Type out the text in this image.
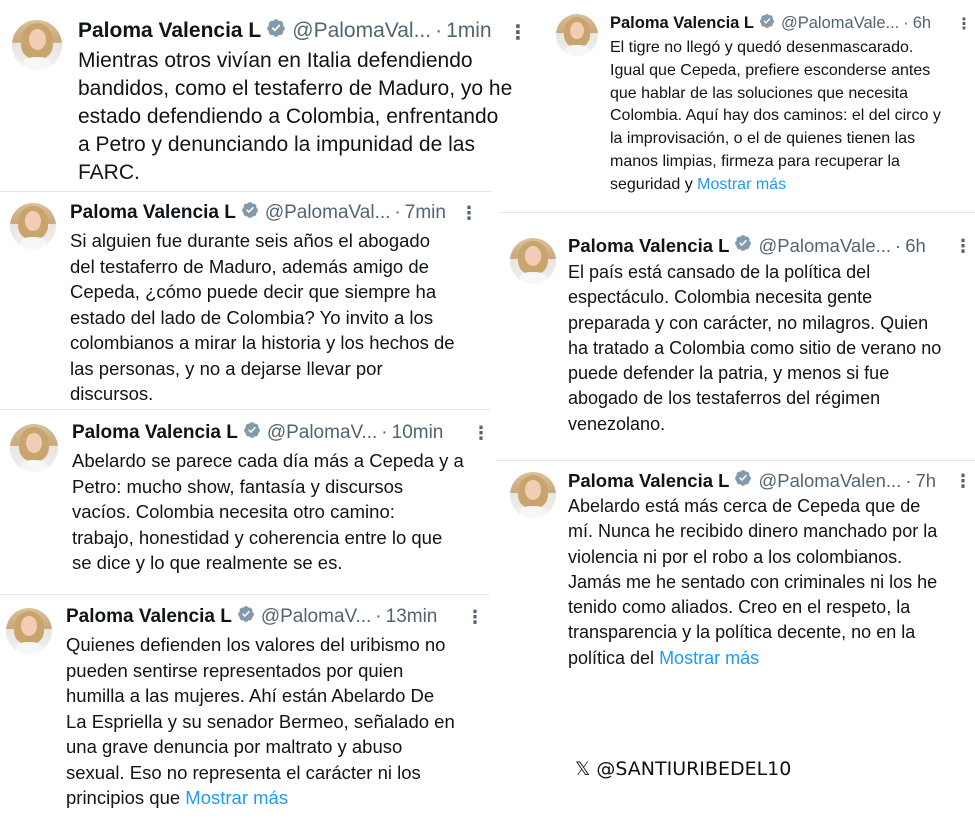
Paloma Valencia L @PalomaVal... · 1min ⋮
Mientras otros vivían en Italia defendiendo
bandidos, como el testaferro de Maduro, yo he
estado defendiendo a Colombia, enfrentando
a Petro y denunciando la impunidad de las
FARC.
Paloma Valencia L @PalomaVal... · 7min ⋮
Si alguien fue durante seis años el abogado
del testaferro de Maduro, además amigo de
Cepeda, ¿cómo puede decir que siempre ha
estado del lado de Colombia? Yo invito a los
colombianos a mirar la historia y los hechos de
las personas, y no a dejarse llevar por
discursos.
Paloma Valencia L @PalomaV... · 10min ⋮
Abelardo se parece cada día más a Cepeda y a
Petro: mucho show, fantasía y discursos
vacíos. Colombia necesita otro camino:
trabajo, honestidad y coherencia entre lo que
se dice y lo que realmente se es.
Paloma Valencia L @PalomaV... · 13min ⋮
Quienes defienden los valores del uribismo no
pueden sentirse representados por quien
humilla a las mujeres. Ahí están Abelardo De
La Espriella y su senador Bermeo, señalado en
una grave denuncia por maltrato y abuso
sexual. Eso no representa el carácter ni los
principios que Mostrar más
Paloma Valencia L @PalomaVale... · 6h ⋮
El tigre no llegó y quedó desenmascarado.
Igual que Cepeda, prefiere esconderse antes
que hablar de las soluciones que necesita
Colombia. Aquí hay dos caminos: el del circo y
la improvisación, o el de quienes tienen las
manos limpias, firmeza para recuperar la
seguridad y Mostrar más
Paloma Valencia L @PalomaVale... · 6h ⋮
El país está cansado de la política del
espectáculo. Colombia necesita gente
preparada y con carácter, no milagros. Quien
ha tratado a Colombia como sitio de verano no
puede defender la patria, y menos si fue
abogado de los testaferros del régimen
venezolano.
Paloma Valencia L @PalomaValen... · 7h ⋮
Abelardo está más cerca de Cepeda que de
mí. Nunca he recibido dinero manchado por la
violencia ni por el robo a los colombianos.
Jamás me he sentado con criminales ni los he
tenido como aliados. Creo en el respeto, la
transparencia y la política decente, no en la
política del Mostrar más
𝕏 @SANTIURIBEDEL10
